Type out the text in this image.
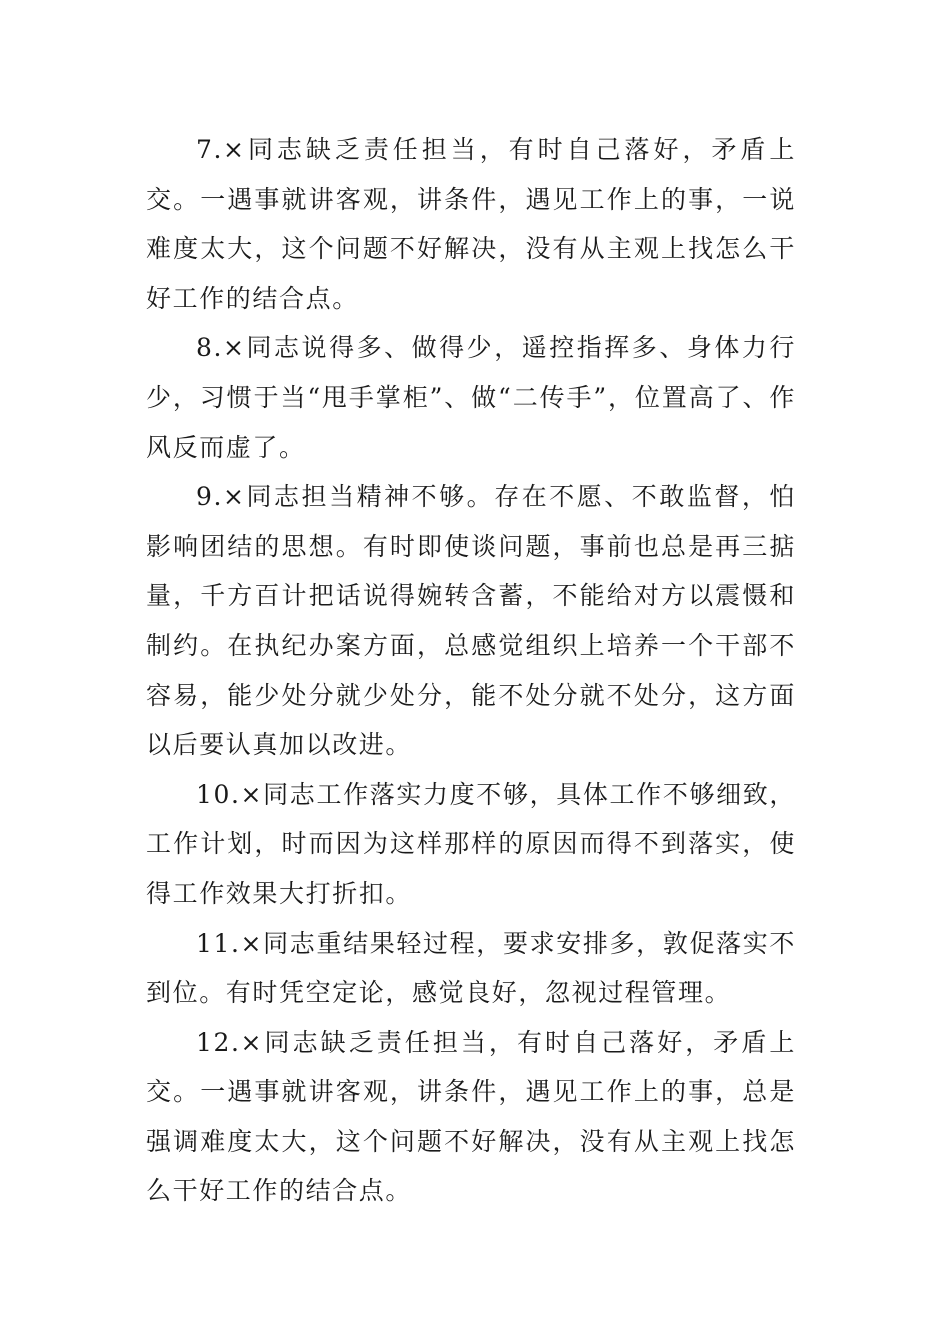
7.×同志缺乏责任担当，有时自己落好，矛盾上交。一遇事就讲客观，讲条件，遇见工作上的事，一说难度太大，这个问题不好解决，没有从主观上找怎么干好工作的结合点。

8.×同志说得多、做得少，遥控指挥多、身体力行少，习惯于当“甩手掌柜”、做“二传手”，位置高了、作风反而虚了。

9.×同志担当精神不够。存在不愿、不敢监督，怕影响团结的思想。有时即使谈问题，事前也总是再三掂量，千方百计把话说得婉转含蓄，不能给对方以震慑和制约。在执纪办案方面，总感觉组织上培养一个干部不容易，能少处分就少处分，能不处分就不处分，这方面以后要认真加以改进。

10.×同志工作落实力度不够，具体工作不够细致，工作计划，时而因为这样那样的原因而得不到落实，使得工作效果大打折扣。

11.×同志重结果轻过程，要求安排多，敦促落实不到位。有时凭空定论，感觉良好，忽视过程管理。

12.×同志缺乏责任担当，有时自己落好，矛盾上交。一遇事就讲客观，讲条件，遇见工作上的事，总是强调难度太大，这个问题不好解决，没有从主观上找怎么干好工作的结合点。
